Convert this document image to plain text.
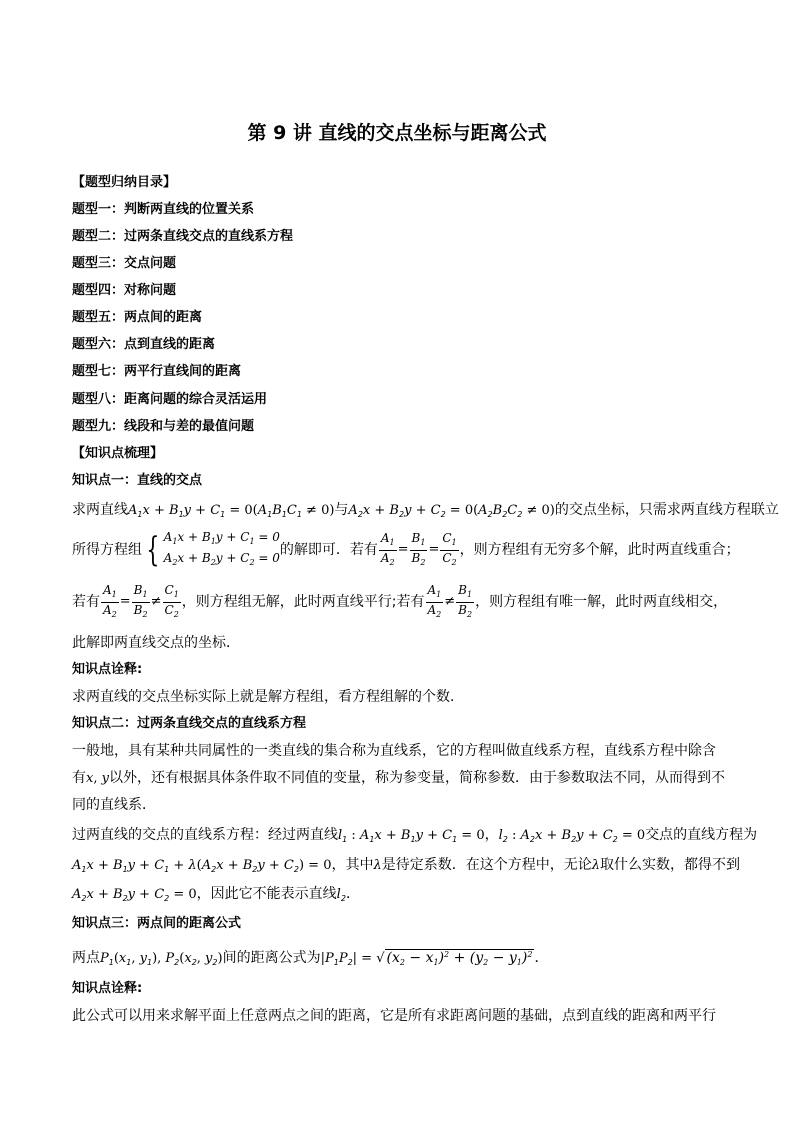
第 9 讲 直线的交点坐标与距离公式
【题型归纳目录】
题型一：判断两直线的位置关系
题型二：过两条直线交点的直线系方程
题型三：交点问题
题型四：对称问题
题型五：两点间的距离
题型六：点到直线的距离
题型七：两平行直线间的距离
题型八：距离问题的综合灵活运用
题型九：线段和与差的最值问题
【知识点梳理】
知识点一：直线的交点
求两直线$A_1x + B_1y + C_1 = 0(A_1B_1C_1 \ne 0)$与$A_2x + B_2y + C_2 = 0(A_2B_2C_2 \ne 0)$的交点坐标，只需求两直线方程联立
所得方程组 { $A_1x + B_1y + C_1 = 0$
$A_2x + B_2y + C_2 = 0$ 的解即可．若有 $\frac{A_1}{A_2} = \frac{B_1}{B_2} = \frac{C_1}{C_2}$ ，则方程组有无穷多个解，此时两直线重合；
若有 $\frac{A_1}{A_2} = \frac{B_1}{B_2} \ne \frac{C_1}{C_2}$ ，则方程组无解，此时两直线平行;若有 $\frac{A_1}{A_2} \ne \frac{B_1}{B_2}$ ，则方程组有唯一解，此时两直线相交，
此解即两直线交点的坐标．
知识点诠释:
求两直线的交点坐标实际上就是解方程组，看方程组解的个数．
知识点二：过两条直线交点的直线系方程
一般地，具有某种共同属性的一类直线的集合称为直线系，它的方程叫做直线系方程，直线系方程中除含
有x, y以外，还有根据具体条件取不同值的变量，称为参变量，简称参数．由于参数取法不同，从而得到不
同的直线系．
过两直线的交点的直线系方程：经过两直线$l_1$ : $A_1x + B_1y + C_1 = 0$，$l_2$ : $A_2x + B_2y + C_2 = 0$交点的直线方程为
$A_1x + B_1y + C_1 + \lambda(A_2x + B_2y + C_2) = 0$，其中λ是待定系数．在这个方程中，无论λ取什么实数，都得不到
$A_2x + B_2y + C_2 = 0$，因此它不能表示直线$l_2$．
知识点三：两点间的距离公式
两点$P_1(x_1$, $y_1$), $P_2(x_2$, $y_2$)间的距离公式为$|P_1P_2|$ = √ $(x_2 - x_1)^2 + (y_2 - y_1)^2$ ．
知识点诠释:
此公式可以用来求解平面上任意两点之间的距离，它是所有求距离问题的基础，点到直线的距离和两平行
